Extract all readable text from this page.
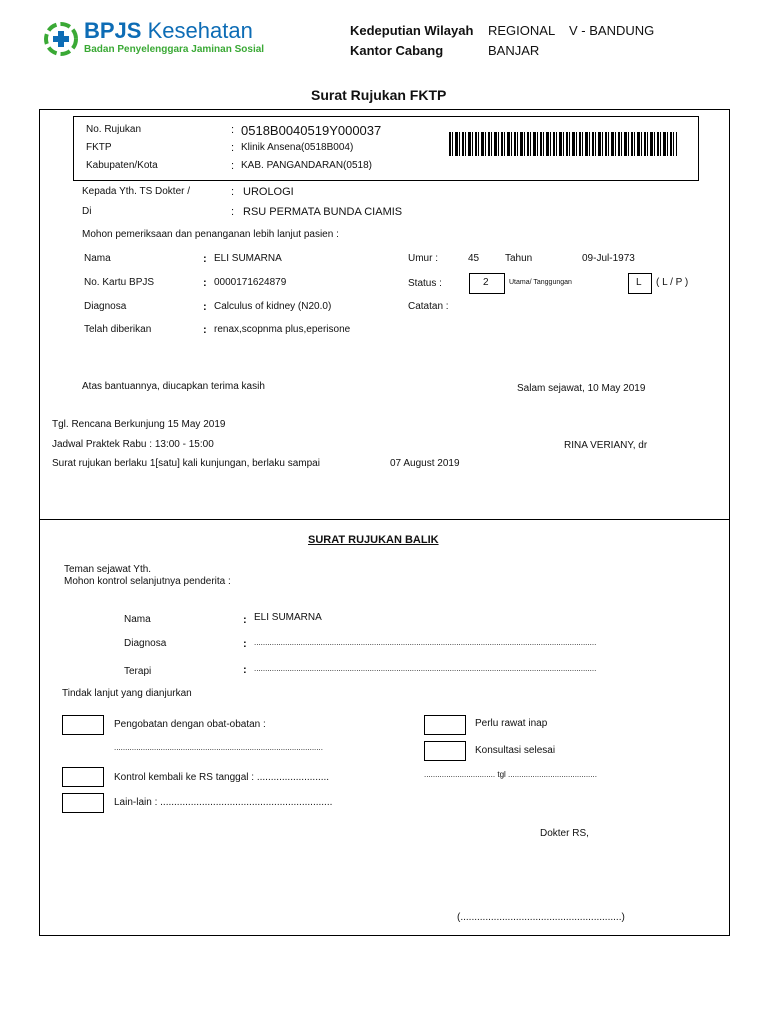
BPJS Kesehatan
Badan Penyelenggara Jaminan Sosial
Kedeputian Wilayah REGIONAL V - BANDUNG
Kantor Cabang	BANJAR
Surat Rujukan FKTP
No. Rujukan	: 0518B0040519Y000037
FKTP	: Klinik Ansena(0518B004)
Kabupaten/Kota	: KAB. PANGANDARAN(0518)
Kepada Yth. TS Dokter /	: UROLOGI
Di	: RSU PERMATA BUNDA CIAMIS
Mohon pemeriksaan dan penanganan lebih lanjut pasien :
Nama	: ELI SUMARNA	Umur :	45	Tahun	09-Jul-1973
No. Kartu BPJS	: 0000171624879	Status :	2	Utama/ Tanggungan	L ( L / P )
Diagnosa	: Calculus of kidney (N20.0)	Catatan :
Telah diberikan	: renax,scopnma plus,eperisone
Atas bantuannya, diucapkan terima kasih	Salam sejawat, 10 May 2019
Tgl. Rencana Berkunjung 15 May 2019
Jadwal Praktek Rabu : 13:00 - 15:00	RINA VERIANY, dr
Surat rujukan berlaku 1[satu] kali kunjungan, berlaku sampai	07 August 2019
SURAT RUJUKAN BALIK
Teman sejawat Yth.
Mohon kontrol selanjutnya penderita :
Nama	: ELI SUMARNA
Diagnosa	: ..........................................................................................................................................................
Terapi	: ..........................................................................................................................................................
Tindak lanjut yang dianjurkan
Pengobatan dengan obat-obatan :
..............................................................................................
Kontrol kembali ke RS tanggal : ..........................
Lain-lain : ..............................................................
Perlu rawat inap
Konsultasi selesai
................................ tgl ........................................
Dokter RS,
(..........................................................)
